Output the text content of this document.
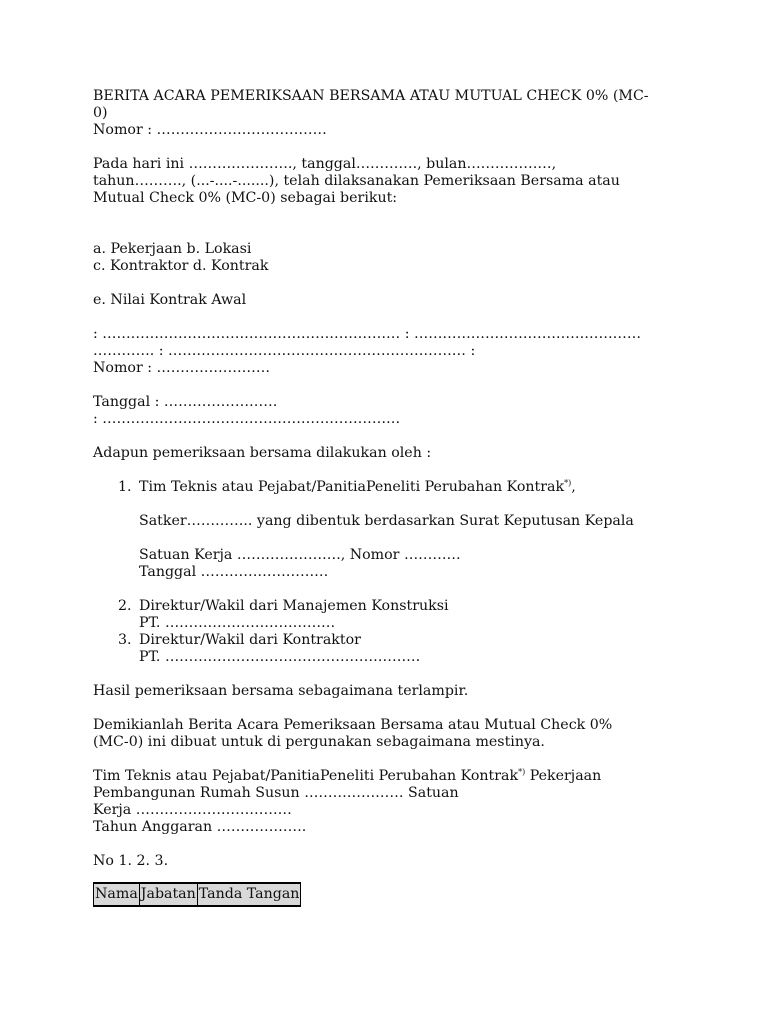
BERITA ACARA PEMERIKSAAN BERSAMA ATAU MUTUAL CHECK 0% (MC-

0)

Nomor : ………………………………

Pada hari ini …………………., tanggal…………., bulan………………,

tahun………., (...-....-.......), telah dilaksanakan Pemeriksaan Bersama atau

Mutual Check 0% (MC-0) sebagai berikut:

a. Pekerjaan b. Lokasi

c. Kontraktor d. Kontrak

e. Nilai Kontrak Awal

: ……………………………………………………… : …………………………………………

…………. : ……………………………………………………… :

Nomor : ……………………

Tanggal : ……………………

: ………………………………………………………

Adapun pemeriksaan bersama dilakukan oleh :

1. Tim Teknis atau Pejabat/PanitiaPeneliti Perubahan Kontrak*),

Satker………….. yang dibentuk berdasarkan Surat Keputusan Kepala

Satuan Kerja …………………., Nomor …………

Tanggal ………………………

2. Direktur/Wakil dari Manajemen Konstruksi

PT. ………………………………

3. Direktur/Wakil dari Kontraktor

PT. ………………………………………………

Hasil pemeriksaan bersama sebagaimana terlampir.

Demikianlah Berita Acara Pemeriksaan Bersama atau Mutual Check 0%

(MC-0) ini dibuat untuk di pergunakan sebagaimana mestinya.

Tim Teknis atau Pejabat/PanitiaPeneliti Perubahan Kontrak*) Pekerjaan

Pembangunan Rumah Susun ………………… Satuan

Kerja ……………………………

Tahun Anggaran ……………….

No 1. 2. 3.

Nama	Jabatan	Tanda Tangan
